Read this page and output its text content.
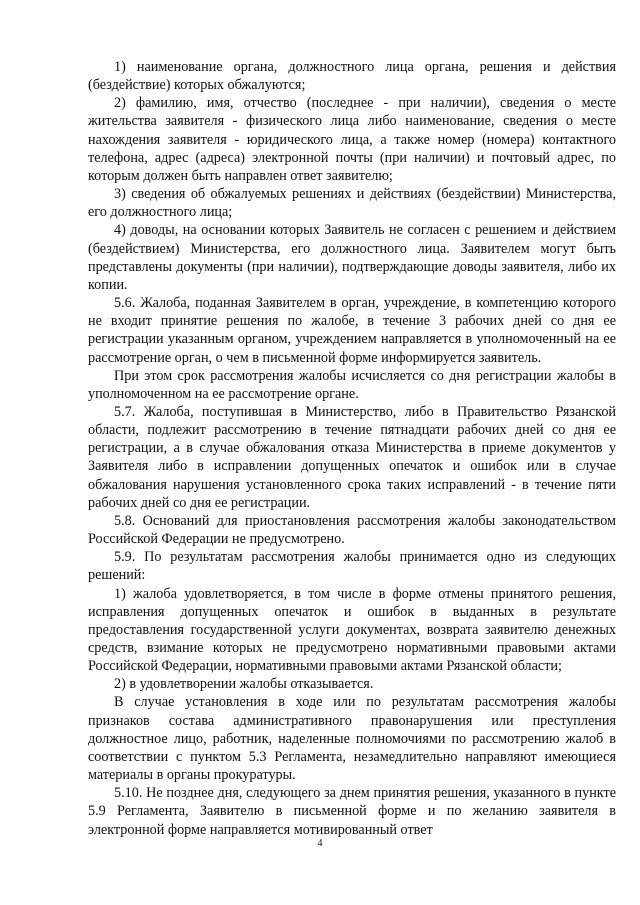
1) наименование органа, должностного лица органа, решения и действия (бездействие) которых обжалуются;

2) фамилию, имя, отчество (последнее - при наличии), сведения о месте жительства заявителя - физического лица либо наименование, сведения о месте нахождения заявителя - юридического лица, а также номер (номера) контактного телефона, адрес (адреса) электронной почты (при наличии) и почтовый адрес, по которым должен быть направлен ответ заявителю;

3) сведения об обжалуемых решениях и действиях (бездействии) Министерства, его должностного лица;

4) доводы, на основании которых Заявитель не согласен с решением и действием (бездействием) Министерства, его должностного лица. Заявителем могут быть представлены документы (при наличии), подтверждающие доводы заявителя, либо их копии.

5.6. Жалоба, поданная Заявителем в орган, учреждение, в компетенцию которого не входит принятие решения по жалобе, в течение 3 рабочих дней со дня ее регистрации указанным органом, учреждением направляется в уполномоченный на ее рассмотрение орган, о чем в письменной форме информируется заявитель.

При этом срок рассмотрения жалобы исчисляется со дня регистрации жалобы в уполномоченном на ее рассмотрение органе.

5.7. Жалоба, поступившая в Министерство, либо в Правительство Рязанской области, подлежит рассмотрению в течение пятнадцати рабочих дней со дня ее регистрации, а в случае обжалования отказа Министерства в приеме документов у Заявителя либо в исправлении допущенных опечаток и ошибок или в случае обжалования нарушения установленного срока таких исправлений - в течение пяти рабочих дней со дня ее регистрации.

5.8. Оснований для приостановления рассмотрения жалобы законодательством Российской Федерации не предусмотрено.

5.9. По результатам рассмотрения жалобы принимается одно из следующих решений:

1) жалоба удовлетворяется, в том числе в форме отмены принятого решения, исправления допущенных опечаток и ошибок в выданных в результате предоставления государственной услуги документах, возврата заявителю денежных средств, взимание которых не предусмотрено нормативными правовыми актами Российской Федерации, нормативными правовыми актами Рязанской области;

2) в удовлетворении жалобы отказывается.

В случае установления в ходе или по результатам рассмотрения жалобы признаков состава административного правонарушения или преступления должностное лицо, работник, наделенные полномочиями по рассмотрению жалоб в соответствии с пунктом 5.3 Регламента, незамедлительно направляют имеющиеся материалы в органы прокуратуры.

5.10. Не позднее дня, следующего за днем принятия решения, указанного в пункте 5.9 Регламента, Заявителю в письменной форме и по желанию заявителя в электронной форме направляется мотивированный ответ

4
